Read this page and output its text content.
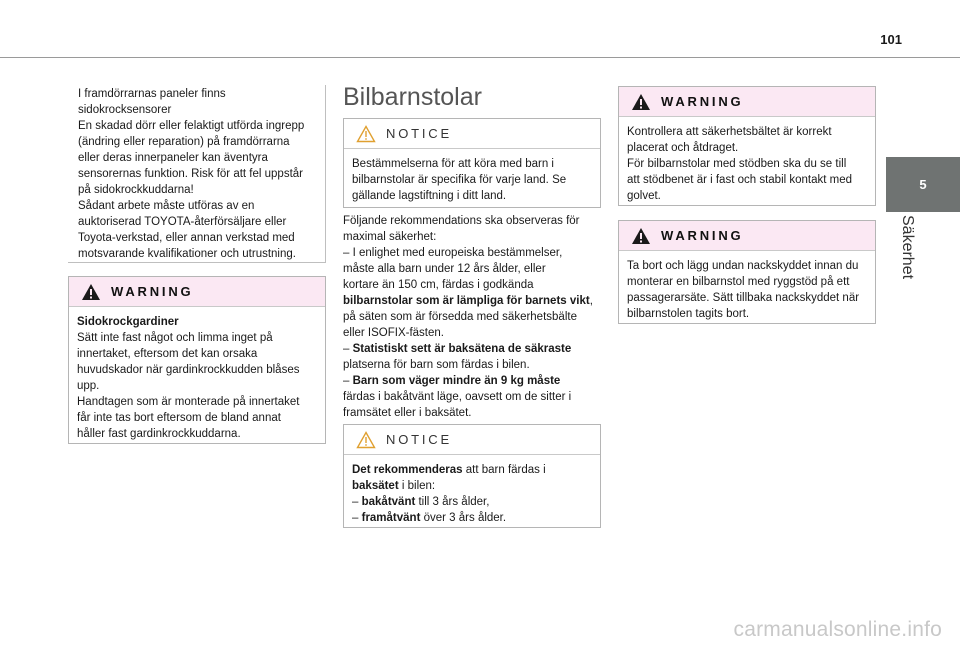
101
5
Säkerhet
I framdörrarnas paneler finns
sidokrocksensorer
En skadad dörr eller felaktigt utförda ingrepp
(ändring eller reparation) på framdörrarna
eller deras innerpaneler kan äventyra
sensorernas funktion. Risk för att fel uppstår
på sidokrockkuddarna!
Sådant arbete måste utföras av en
auktoriserad TOYOTA-återförsäljare eller
Toyota-verkstad, eller annan verkstad med
motsvarande kvalifikationer och utrustning.
WARNING
Sidokrockgardiner
Sätt inte fast något och limma inget på
innertaket, eftersom det kan orsaka
huvudskador när gardinkrockkudden blåses
upp.
Handtagen som är monterade på innertaket
får inte tas bort eftersom de bland annat
håller fast gardinkrockkuddarna.
Bilbarnstolar
NOTICE
Bestämmelserna för att köra med barn i
bilbarnstolar är specifika för varje land. Se
gällande lagstiftning i ditt land.
Följande rekommendations ska observeras för
maximal säkerhet:
– I enlighet med europeiska bestämmelser,
måste alla barn under 12 års ålder, eller
kortare än 150 cm, färdas i godkända
bilbarnstolar som är lämpliga för barnets vikt,
på säten som är försedda med säkerhetsbälte
eller ISOFIX-fästen.
– Statistiskt sett är baksätena de säkraste
platserna för barn som färdas i bilen.
– Barn som väger mindre än 9 kg måste
färdas i bakåtvänt läge, oavsett om de sitter i
framsätet eller i baksätet.
NOTICE
Det rekommenderas att barn färdas i
baksätet i bilen:
– bakåtvänt till 3 års ålder,
– framåtvänt över 3 års ålder.
WARNING
Kontrollera att säkerhetsbältet är korrekt
placerat och åtdraget.
För bilbarnstolar med stödben ska du se till
att stödbenet är i fast och stabil kontakt med
golvet.
WARNING
Ta bort och lägg undan nackskyddet innan du
monterar en bilbarnstol med ryggstöd på ett
passagerarsäte. Sätt tillbaka nackskyddet när
bilbarnstolen tagits bort.
carmanualsonline.info
